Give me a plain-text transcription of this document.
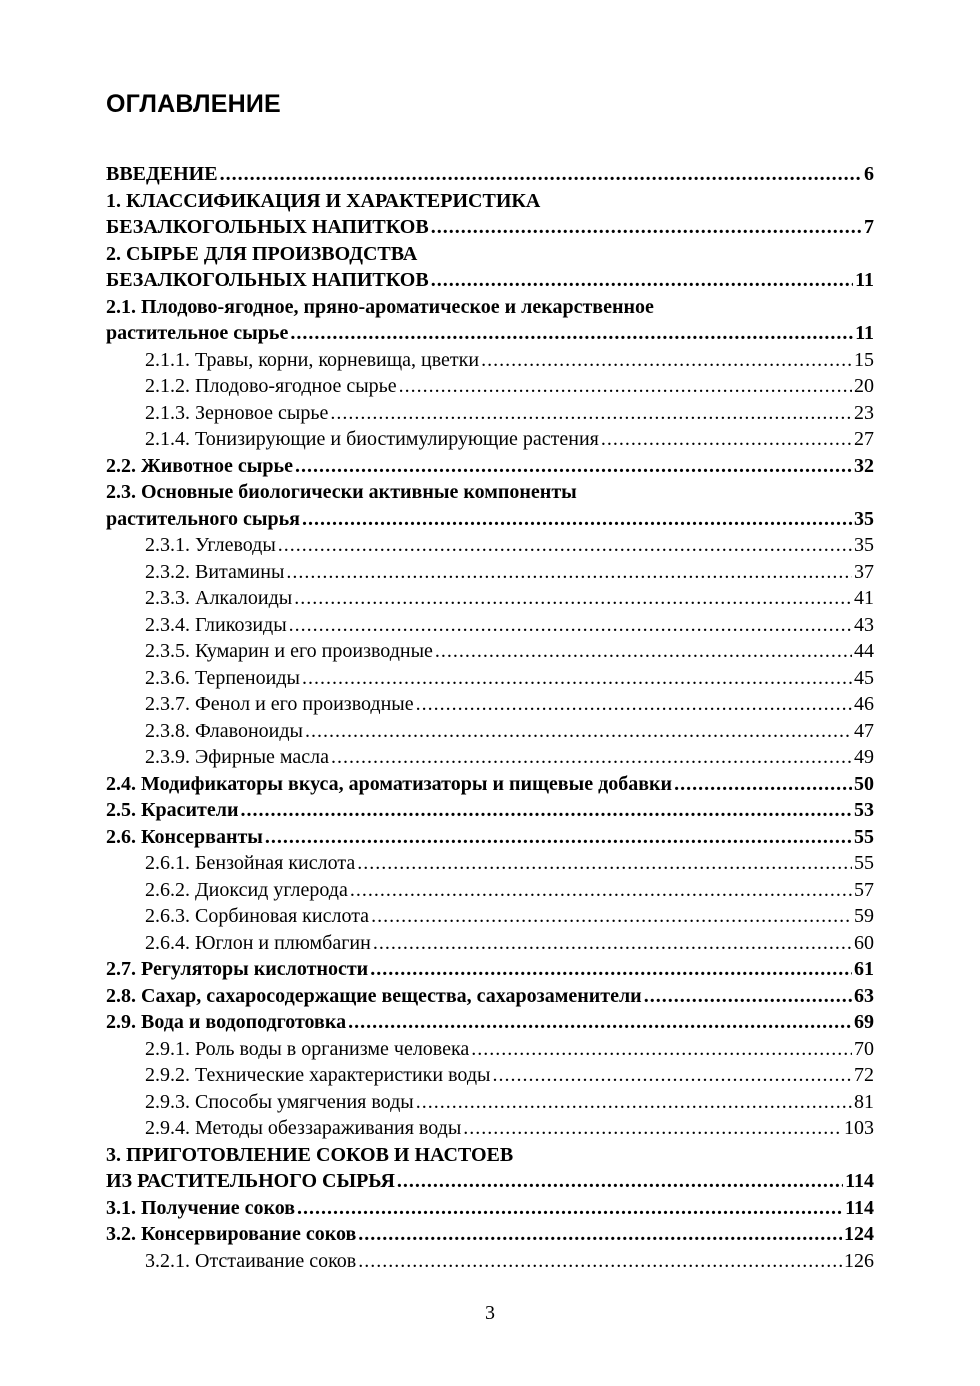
ОГЛАВЛЕНИЕ
ВВЕДЕНИЕ .....	6
1. КЛАССИФИКАЦИЯ И ХАРАКТЕРИСТИКА
БЕЗАЛКОГОЛЬНЫХ НАПИТКОВ .....	7
2. СЫРЬЕ ДЛЯ ПРОИЗВОДСТВА
БЕЗАЛКОГОЛЬНЫХ НАПИТКОВ .....	11
2.1. Плодово-ягодное, пряно-ароматическое и лекарственное
растительное сырье .....	11
2.1.1. Травы, корни, корневища, цветки .....	15
2.1.2. Плодово-ягодное сырье .....	20
2.1.3. Зерновое сырье .....	23
2.1.4. Тонизирующие и биостимулирующие растения .....	27
2.2. Животное сырье .....	32
2.3. Основные биологически активные компоненты
растительного сырья .....	35
2.3.1. Углеводы .....	35
2.3.2. Витамины .....	37
2.3.3. Алкалоиды .....	41
2.3.4. Гликозиды .....	43
2.3.5. Кумарин и его производные .....	44
2.3.6. Терпеноиды .....	45
2.3.7. Фенол и его производные .....	46
2.3.8. Флавоноиды .....	47
2.3.9. Эфирные масла .....	49
2.4. Модификаторы вкуса, ароматизаторы и пищевые добавки .....	50
2.5. Красители .....	53
2.6. Консерванты .....	55
2.6.1. Бензойная кислота .....	55
2.6.2. Диоксид углерода .....	57
2.6.3. Сорбиновая кислота .....	59
2.6.4. Юглон и плюмбагин .....	60
2.7. Регуляторы кислотности .....	61
2.8. Сахар, сахаросодержащие вещества, сахарозаменители .....	63
2.9. Вода и водоподготовка .....	69
2.9.1. Роль воды в организме человека .....	70
2.9.2. Технические характеристики воды .....	72
2.9.3. Способы умягчения воды .....	81
2.9.4. Методы обеззараживания воды .....	103
3. ПРИГОТОВЛЕНИЕ СОКОВ И НАСТОЕВ
ИЗ РАСТИТЕЛЬНОГО СЫРЬЯ .....	114
3.1. Получение соков .....	114
3.2. Консервирование соков .....	124
3.2.1. Отстаивание соков .....	126
3
